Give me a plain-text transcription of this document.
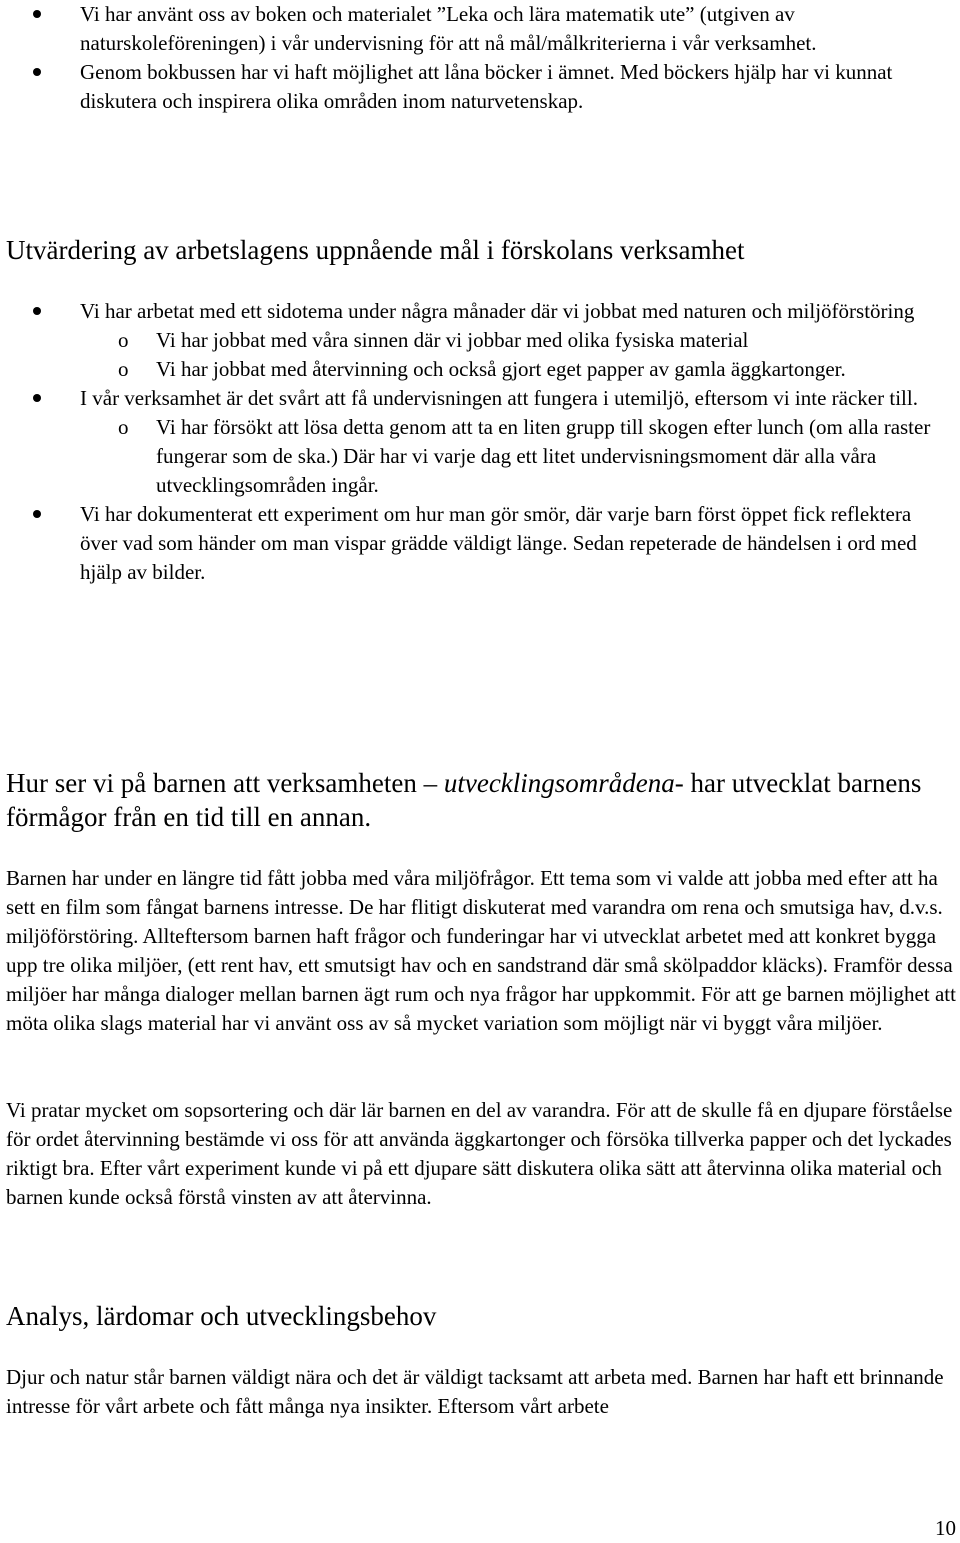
Vi har använt oss av boken och materialet ”Leka och lära matematik ute” (utgiven av naturskoleföreningen) i vår undervisning för att nå mål/målkriterierna i vår verksamhet.
Genom bokbussen har vi haft möjlighet att låna böcker i ämnet. Med böckers hjälp har vi kunnat diskutera och inspirera olika områden inom naturvetenskap.
Utvärdering av arbetslagens uppnående mål i förskolans verksamhet
Vi har arbetat med ett sidotema under några månader där vi jobbat med naturen och miljöförstöring
o Vi har jobbat med våra sinnen där vi jobbar med olika fysiska material
o Vi har jobbat med återvinning och också gjort eget papper av gamla äggkartonger.
I vår verksamhet är det svårt att få undervisningen att fungera i utemiljö, eftersom vi inte räcker till.
o Vi har försökt att lösa detta genom att ta en liten grupp till skogen efter lunch (om alla raster fungerar som de ska.) Där har vi varje dag ett litet undervisningsmoment där alla våra utvecklingsområden ingår.
Vi har dokumenterat ett experiment om hur man gör smör, där varje barn först öppet fick reflektera över vad som händer om man vispar grädde väldigt länge. Sedan repeterade de händelsen i ord med hjälp av bilder.
Hur ser vi på barnen att verksamheten – utvecklingsområdena- har utvecklat barnens förmågor från en tid till en annan.
Barnen har under en längre tid fått jobba med våra miljöfrågor. Ett tema som vi valde att jobba med efter att ha sett en film som fångat barnens intresse. De har flitigt diskuterat med varandra om rena och smutsiga hav, d.v.s. miljöförstöring. Allteftersom barnen haft frågor och funderingar har vi utvecklat arbetet med att konkret bygga upp tre olika miljöer, (ett rent hav, ett smutsigt hav och en sandstrand där små skölpaddor kläcks). Framför dessa miljöer har många dialoger mellan barnen ägt rum och nya frågor har uppkommit. För att ge barnen möjlighet att möta olika slags material har vi använt oss av så mycket variation som möjligt när vi byggt våra miljöer.
Vi pratar mycket om sopsortering och där lär barnen en del av varandra. För att de skulle få en djupare förståelse för ordet återvinning bestämde vi oss för att använda äggkartonger och försöka tillverka papper och det lyckades riktigt bra. Efter vårt experiment kunde vi på ett djupare sätt diskutera olika sätt att återvinna olika material och barnen kunde också förstå vinsten av att återvinna.
Analys, lärdomar och utvecklingsbehov
Djur och natur står barnen väldigt nära och det är väldigt tacksamt att arbeta med. Barnen har haft ett brinnande intresse för vårt arbete och fått många nya insikter. Eftersom vårt arbete
10
